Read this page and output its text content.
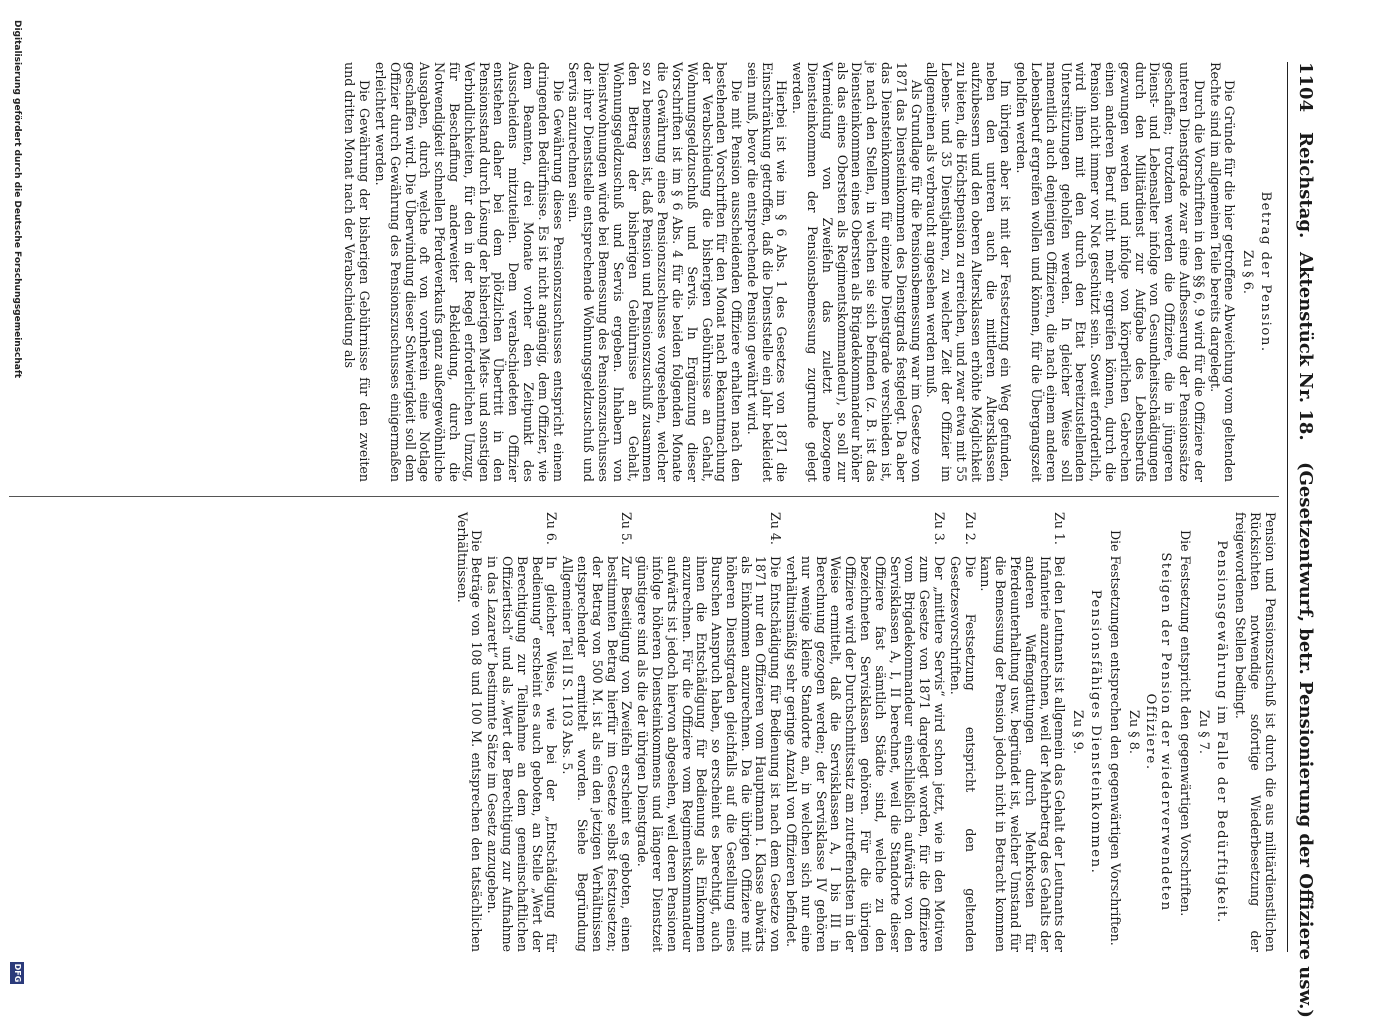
1104
Reichstag.
Aktenstück Nr. 18.
(Gesetzentwurf, betr. Pensionierung der Offiziere usw.)

Betrag der Pension.

Zu § 6.

Die Gründe für die hier getroffene Abweichung vom geltenden Rechte sind im allgemeinen Teile bereits dargelegt.

Durch die Vorschriften in den §§ 6, 9 wird für die Offiziere der unteren Dienstgrade zwar eine Aufbesserung der Pensionssätze geschaffen; trotzdem werden die Offiziere, die in jüngeren Dienst- und Lebensalter infolge von Gesundheitsschädigungen durch den Militärdienst zur Aufgabe des Lebensberufs gezwungen werden und infolge von körperlichen Gebrechen einen anderen Beruf nicht mehr ergreifen können, durch die Pension nicht immer vor Not geschützt sein. Soweit erforderlich, wird ihnen mit den durch den Etat bereitzustellenden Unterstützungen geholfen werden. In gleicher Weise soll namentlich auch denjenigen Offizieren, die nach einem anderen Lebensberuf ergreifen wollen und können, für die Übergangszeit geholfen werden.

Im übrigen aber ist mit der Festsetzung ein Weg gefunden, neben den unteren auch die mittleren Altersklassen aufzubessern und den oberen Altersklassen erhöhte Möglichkeit zu bieten, die Höchstpension zu erreichen, und zwar etwa mit 55 Lebens- und 35 Dienstjahren, zu welcher Zeit der Offizier im allgemeinen als verbraucht angesehen werden muß.

Als Grundlage für die Pensionsbemessung war im Gesetze von 1871 das Diensteinkommen des Dienstgrads festgelegt. Da aber das Diensteinkommen für einzelne Dienstgrade verschieden ist, je nach den Stellen, in welchen sie sich befinden (z. B. ist das Diensteinkommen eines Obersten als Brigadekommandeur höher als das eines Obersten als Regimentskommandeur), so soll zur Vermeidung von Zweifeln das zuletzt bezogene Diensteinkommen der Pensionsbemessung zugrunde gelegt werden.

Hierbei ist wie im § 6 Abs. 1 des Gesetzes von 1871 die Einschränkung getroffen, daß die Dienststelle ein Jahr bekleidet sein muß, bevor die entsprechende Pension gewährt wird.

Die mit Pension ausscheidenden Offiziere erhalten nach den bestehenden Vorschriften für den Monat nach Bekanntmachung der Verabschiedung die bisherigen Gebührnisse an Gehalt, Wohnungsgeldzuschuß und Servis. In Ergänzung dieser Vorschriften ist im § 6 Abs. 4 für die beiden folgenden Monate die Gewährung eines Pensionszuschusses vorgesehen, welcher so zu bemessen ist, daß Pension und Pensionszuschuß zusammen den Betrag der bisherigen Gebührnisse an Gehalt, Wohnungsgeldzuschuß und Servis ergeben. Inhabern von Dienstwohnungen würde bei Bemessung des Pensionszuschusses der ihrer Dienststelle entsprechende Wohnungsgeldzuschuß und Servis anzurechnen sein.

Die Gewährung dieses Pensionszuschusses entspricht einem dringenden Bedürfnisse. Es ist nicht angängig, dem Offizier, wie dem Beamten, drei Monate vorher den Zeitpunkt des Ausscheidens mitzuteilen. Dem verabschiedeten Offizier entstehen daher bei dem plötzlichen Übertritt in den Pensionsstand durch Lösung der bisherigen Miets- und sonstigen Verbindlichkeiten, für den in der Regel erforderlichen Umzug, für Beschaffung anderweiter Bekleidung, durch die Notwendigkeit schnellen Pferdeverkaufs ganz außergewöhnliche Ausgaben, durch welche oft von vornherein eine Notlage geschaffen wird. Die Überwindung dieser Schwierigkeit soll dem Offizier durch Gewährung des Pensionszuschusses einigermaßen erleichtert werden.

Die Gewährung der bisherigen Gebührnisse für den zweiten und dritten Monat nach der Verabschiedung als

Pension und Pensionszuschuß ist durch die aus militärdienstlichen Rücksichten notwendige sofortige Wiederbesetzung der freigewordenen Stellen bedingt.

Pensionsgewährung im Falle der Bedürftigkeit.

Zu § 7.

Die Festsetzung entspricht den gegenwärtigen Vorschriften.

Steigen der Pension der wiederverwendeten Offiziere.

Zu § 8.

Die Festsetzungen entsprechen den gegenwärtigen Vorschriften.

Pensionsfähiges Diensteinkommen.

Zu § 9.

Zu 1.
Bei den Leutnants ist allgemein das Gehalt der Leutnants der Infanterie anzurechnen, weil der Mehrbetrag des Gehalts der anderen Waffengattungen durch Mehrkosten für Pferdeunterhaltung usw. begründet ist, welcher Umstand für die Bemessung der Pension jedoch nicht in Betracht kommen kann.

Zu 2.
Die Festsetzung entspricht den geltenden Gesetzesvorschriften.

Zu 3.
Der „mittlere Servis“ wird schon jetzt, wie in den Motiven zum Gesetze von 1871 dargelegt worden, für die Offiziere vom Brigadekommandeur einschließlich aufwärts von den Servisklassen A, I, II berechnet, weil die Standorte dieser Offiziere fast sämtlich Städte sind, welche zu den bezeichneten Servisklassen gehören. Für die übrigen Offiziere wird der Durchschnittssatz am zutreffendsten in der Weise ermittelt, daß die Servisklassen A, I bis III in Berechnung gezogen werden; der Servisklasse IV gehören nur wenige kleine Standorte an, in welchen sich nur eine verhältnismäßig sehr geringe Anzahl von Offizieren befindet.

Zu 4.
Die Entschädigung für Bedienung ist nach dem Gesetze von 1871 nur den Offizieren vom Hauptmann I. Klasse abwärts als Einkommen anzurechnen. Da die übrigen Offiziere mit höheren Dienstgraden gleichfalls auf die Gestellung eines Burschen Anspruch haben, so erscheint es berechtigt, auch ihnen die Entschädigung für Bedienung als Einkommen anzurechnen. Für die Offiziere vom Regimentskommandeur aufwärts ist jedoch hiervon abgesehen, weil deren Pensionen infolge höheren Diensteinkommens und längerer Dienstzeit günstigere sind als die der übrigen Dienstgrade.

Zu 5.
Zur Beseitigung von Zweifeln erscheint es geboten, einen bestimmten Betrag hierfür im Gesetze selbst festzusetzen; der Betrag von 500 M. ist als ein den jetzigen Verhältnissen entsprechender ermittelt worden. Siehe Begründung Allgemeiner Teil II S. 1103 Abs. 5.

Zu 6.
In gleicher Weise, wie bei der „Entschädigung für Bedienung“ erscheint es auch geboten, an Stelle „Wert der Berechtigung zur Teilnahme an dem gemeinschaftlichen Offiziertisch“ und als „Wert der Berechtigung zur Aufnahme in das Lazarett“ bestimmte Sätze im Gesetz anzugeben.

Die Beträge von 108 und 100 M. entsprechen den tatsächlichen Verhältnissen.

Digitalisierung gefördert durch die Deutsche Forschungsgemeinschaft
DFG
